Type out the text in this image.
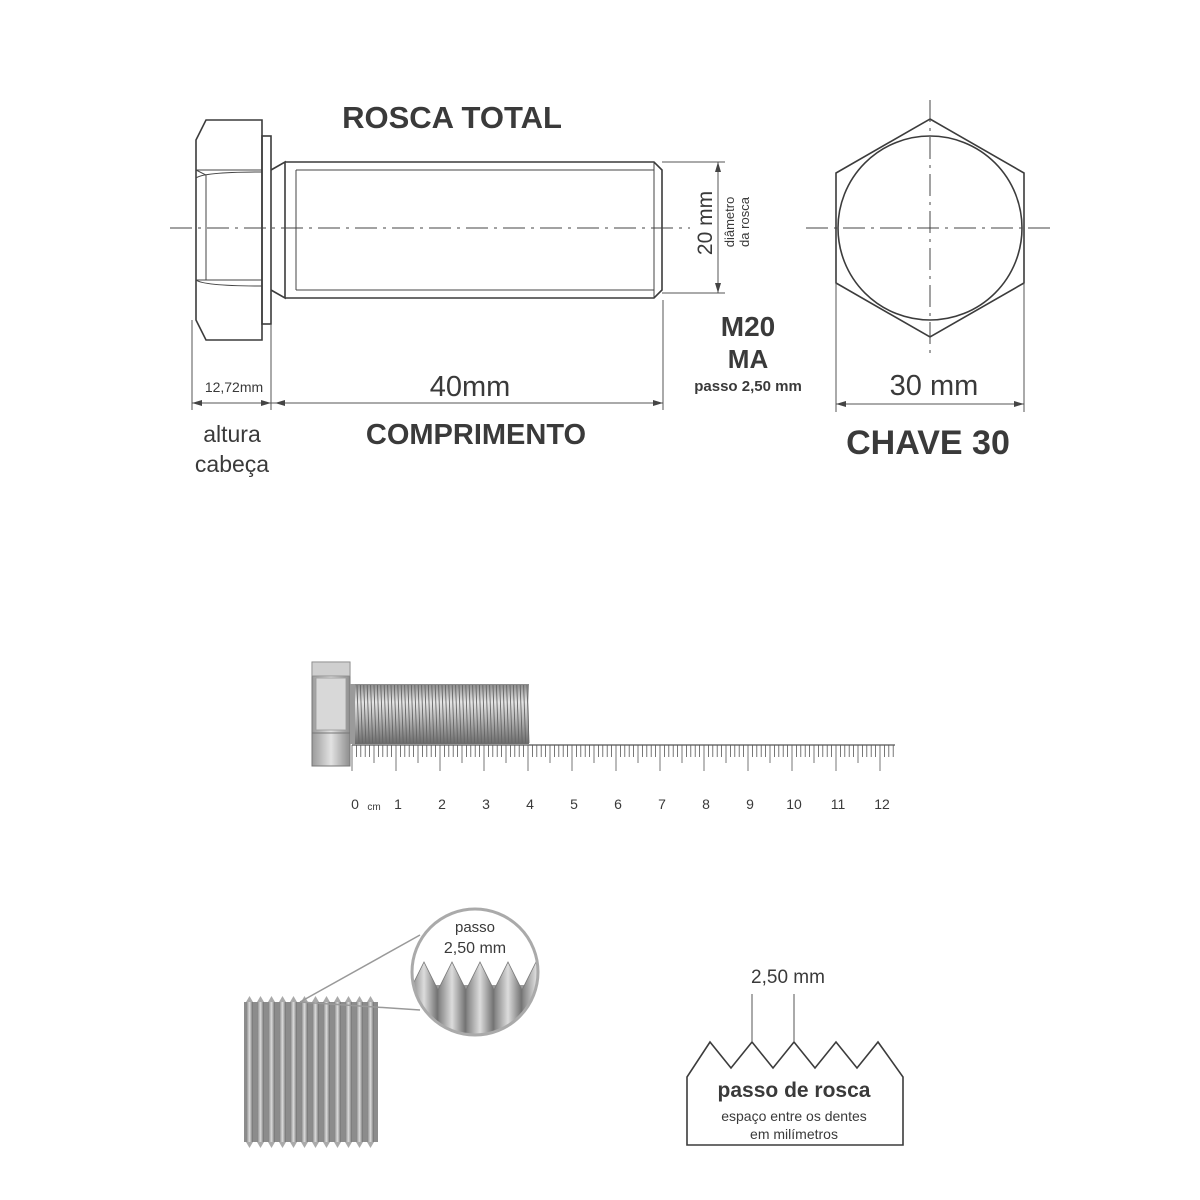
ROSCA TOTAL
20 mm diâmetro da rosca
M20
MA
passo 2,50 mm
12,72mm	40mm
COMPRIMENTO
altura
cabeça
30 mm
CHAVE 30
0 cm 1	2	3	4	5	6	7	8	9 10 11 12
passo
2,50 mm
2,50 mm
passo de rosca
espaço entre os dentes
em milímetros
